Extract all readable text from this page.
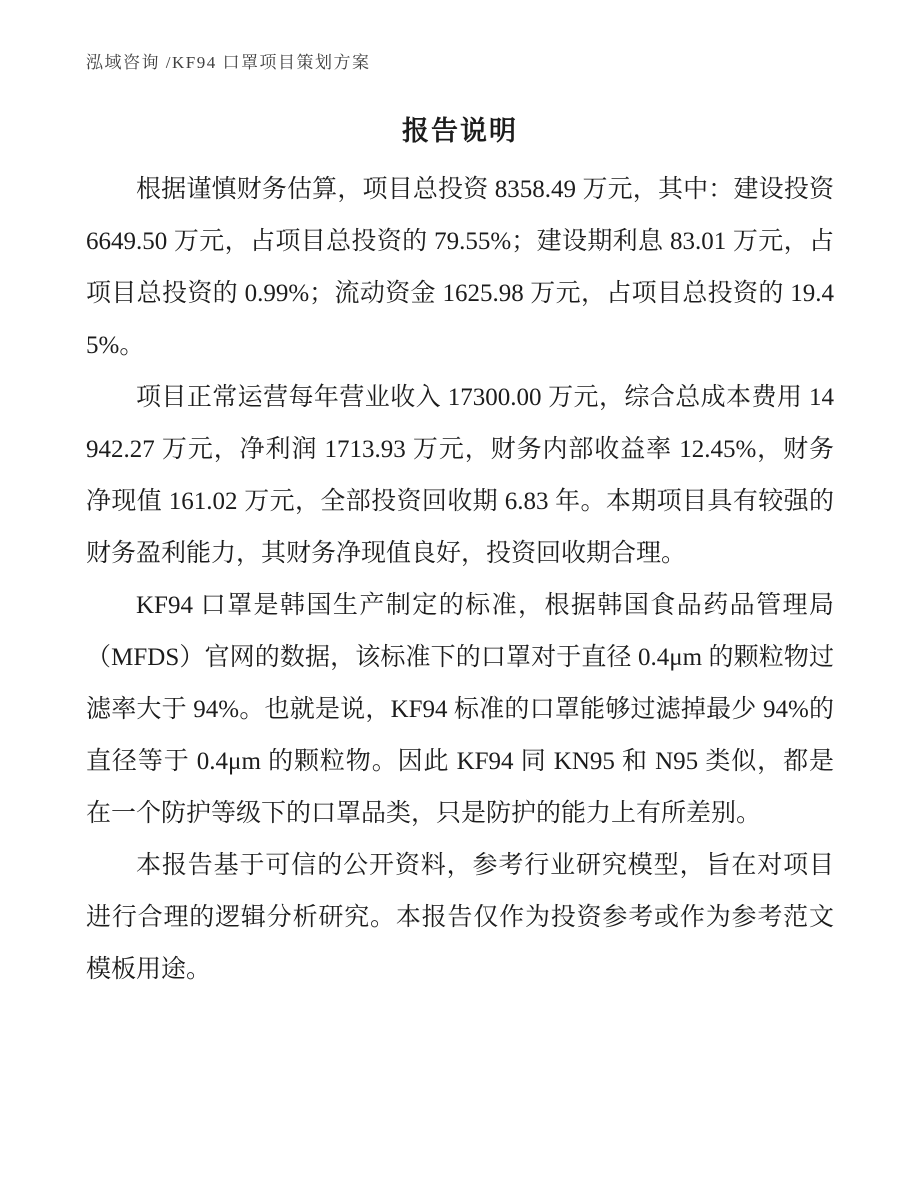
泓域咨询 /KF94 口罩项目策划方案
报告说明

根据谨慎财务估算，项目总投资 8358.49 万元，其中：建设投资 6649.50 万元，占项目总投资的 79.55%；建设期利息 83.01 万元，占项目总投资的 0.99%；流动资金 1625.98 万元，占项目总投资的 19.45%。

项目正常运营每年营业收入 17300.00 万元，综合总成本费用 14942.27 万元，净利润 1713.93 万元，财务内部收益率 12.45%，财务净现值 161.02 万元，全部投资回收期 6.83 年。本期项目具有较强的财务盈利能力，其财务净现值良好，投资回收期合理。

KF94 口罩是韩国生产制定的标准，根据韩国食品药品管理局（MFDS）官网的数据，该标准下的口罩对于直径 0.4μm 的颗粒物过滤率大于 94%。也就是说，KF94 标准的口罩能够过滤掉最少 94%的直径等于 0.4μm 的颗粒物。因此 KF94 同 KN95 和 N95 类似，都是在一个防护等级下的口罩品类，只是防护的能力上有所差别。

本报告基于可信的公开资料，参考行业研究模型，旨在对项目进行合理的逻辑分析研究。本报告仅作为投资参考或作为参考范文模板用途。
